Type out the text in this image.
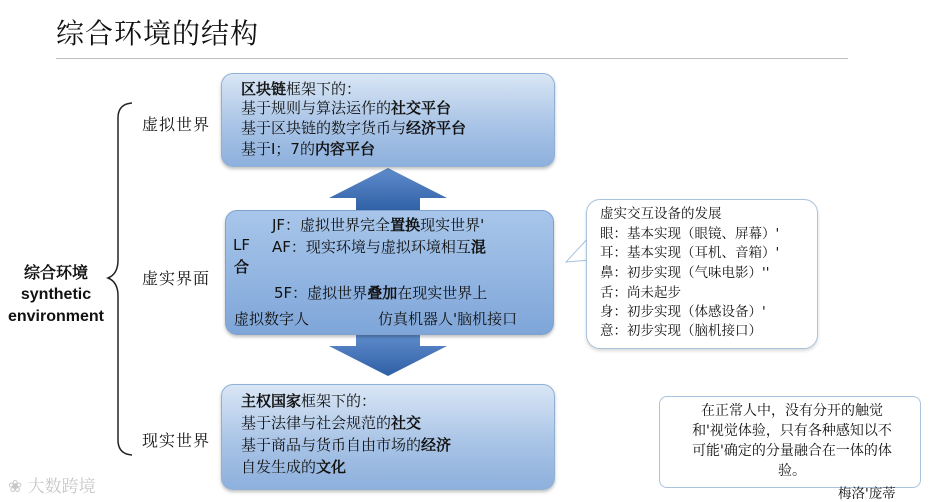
综合环境的结构
综合环境
synthetic
environment
虚拟世界
虚实界面
现实世界
区块链框架下的：
基于规则与算法运作的社交平台
基于区块链的数字货币与经济平台
基于I；7的内容平台
LF
合
JF：虚拟世界完全置换现实世界'
AF：现实环境与虚拟环境相互混
5F：虚拟世界叠加在现实世界上
虚拟数字人	仿真机器人'脑机接口
主权国家框架下的：
基于法律与社会规范的社交
基于商品与货币自由市场的经济
自发生成的文化
虚实交互设备的发展
眼：基本实现（眼镜、屏幕）'
耳：基本实现（耳机、音箱）'
鼻：初步实现（气味电影）''
舌：尚未起步
身：初步实现（体感设备）'
意：初步实现（脑机接口）
在正常人中，没有分开的触觉
和'视觉体验，只有各种感知以不
可能'确定的分量融合在一体的体
验。
梅洛'庞蒂
❀ 大数跨境
